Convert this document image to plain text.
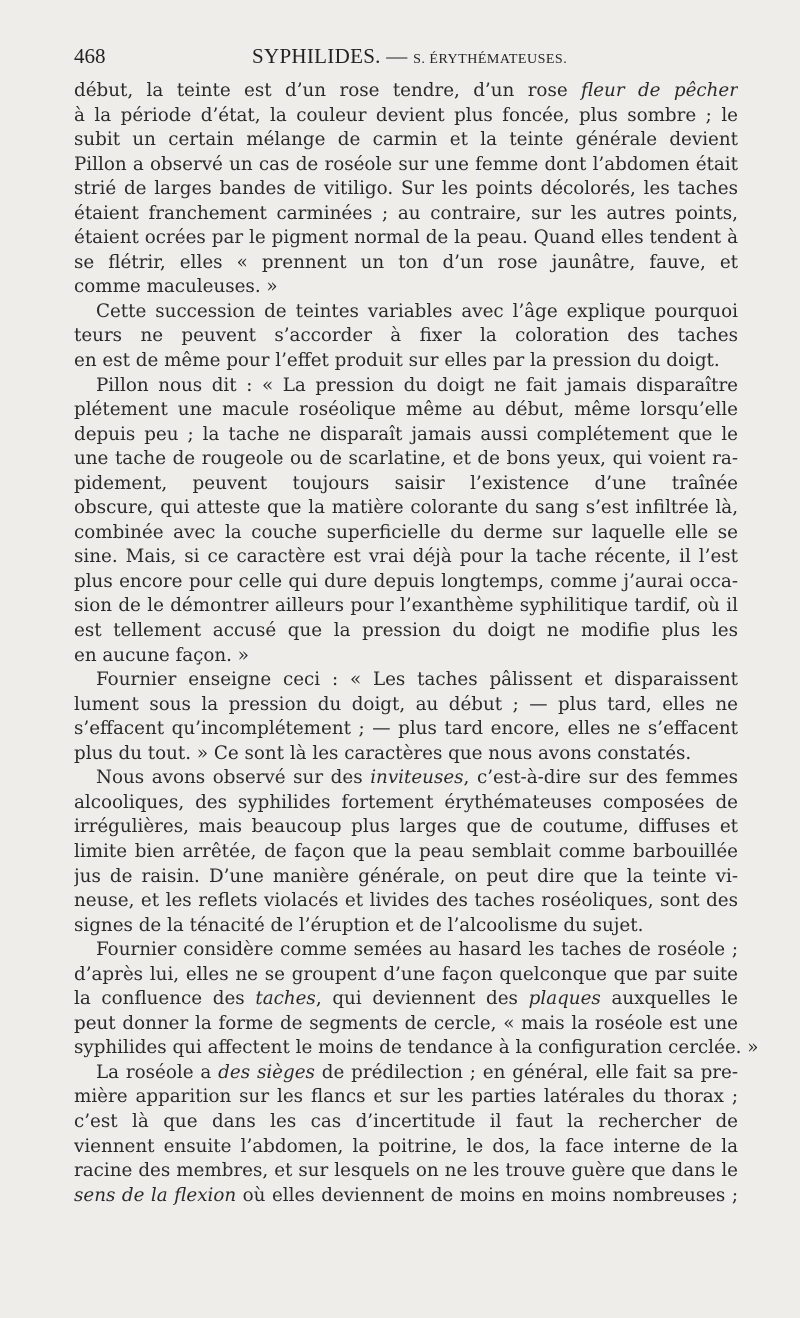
468	SYPHILIDES. — S. ÉRYTHÉMATEUSES.
début, la teinte est d’un rose tendre, d’un rose fleur de pêcher
à la période d’état, la couleur devient plus foncée, plus sombre ; le
subit un certain mélange de carmin et la teinte générale devient
Pillon a observé un cas de roséole sur une femme dont l’abdomen était
strié de larges bandes de vitiligo. Sur les points décolorés, les taches
étaient franchement carminées ; au contraire, sur les autres points,
étaient ocrées par le pigment normal de la peau. Quand elles tendent à
se flétrir, elles « prennent un ton d’un rose jaunâtre, fauve, et
comme maculeuses. »
Cette succession de teintes variables avec l’âge explique pourquoi
teurs ne peuvent s’accorder à fixer la coloration des taches
en est de même pour l’effet produit sur elles par la pression du doigt.
Pillon nous dit : « La pression du doigt ne fait jamais disparaître
plétement une macule roséolique même au début, même lorsqu’elle
depuis peu ; la tache ne disparaît jamais aussi complétement que le
une tache de rougeole ou de scarlatine, et de bons yeux, qui voient ra-
pidement, peuvent toujours saisir l’existence d’une traînée
obscure, qui atteste que la matière colorante du sang s’est infiltrée là,
combinée avec la couche superficielle du derme sur laquelle elle se
sine. Mais, si ce caractère est vrai déjà pour la tache récente, il l’est
plus encore pour celle qui dure depuis longtemps, comme j’aurai occa-
sion de le démontrer ailleurs pour l’exanthème syphilitique tardif, où il
est tellement accusé que la pression du doigt ne modifie plus les
en aucune façon. »
Fournier enseigne ceci : « Les taches pâlissent et disparaissent
lument sous la pression du doigt, au début ; — plus tard, elles ne
s’effacent qu’incomplétement ; — plus tard encore, elles ne s’effacent
plus du tout. » Ce sont là les caractères que nous avons constatés.
Nous avons observé sur des inviteuses, c’est-à-dire sur des femmes
alcooliques, des syphilides fortement érythémateuses composées de
irrégulières, mais beaucoup plus larges que de coutume, diffuses et
limite bien arrêtée, de façon que la peau semblait comme barbouillée
jus de raisin. D’une manière générale, on peut dire que la teinte vi-
neuse, et les reflets violacés et livides des taches roséoliques, sont des
signes de la ténacité de l’éruption et de l’alcoolisme du sujet.
Fournier considère comme semées au hasard les taches de roséole ;
d’après lui, elles ne se groupent d’une façon quelconque que par suite
la confluence des taches, qui deviennent des plaques auxquelles le
peut donner la forme de segments de cercle, « mais la roséole est une
syphilides qui affectent le moins de tendance à la configuration cerclée. »
La roséole a des sièges de prédilection ; en général, elle fait sa pre-
mière apparition sur les flancs et sur les parties latérales du thorax ;
c’est là que dans les cas d’incertitude il faut la rechercher de
viennent ensuite l’abdomen, la poitrine, le dos, la face interne de la
racine des membres, et sur lesquels on ne les trouve guère que dans le
sens de la flexion où elles deviennent de moins en moins nombreuses ;
